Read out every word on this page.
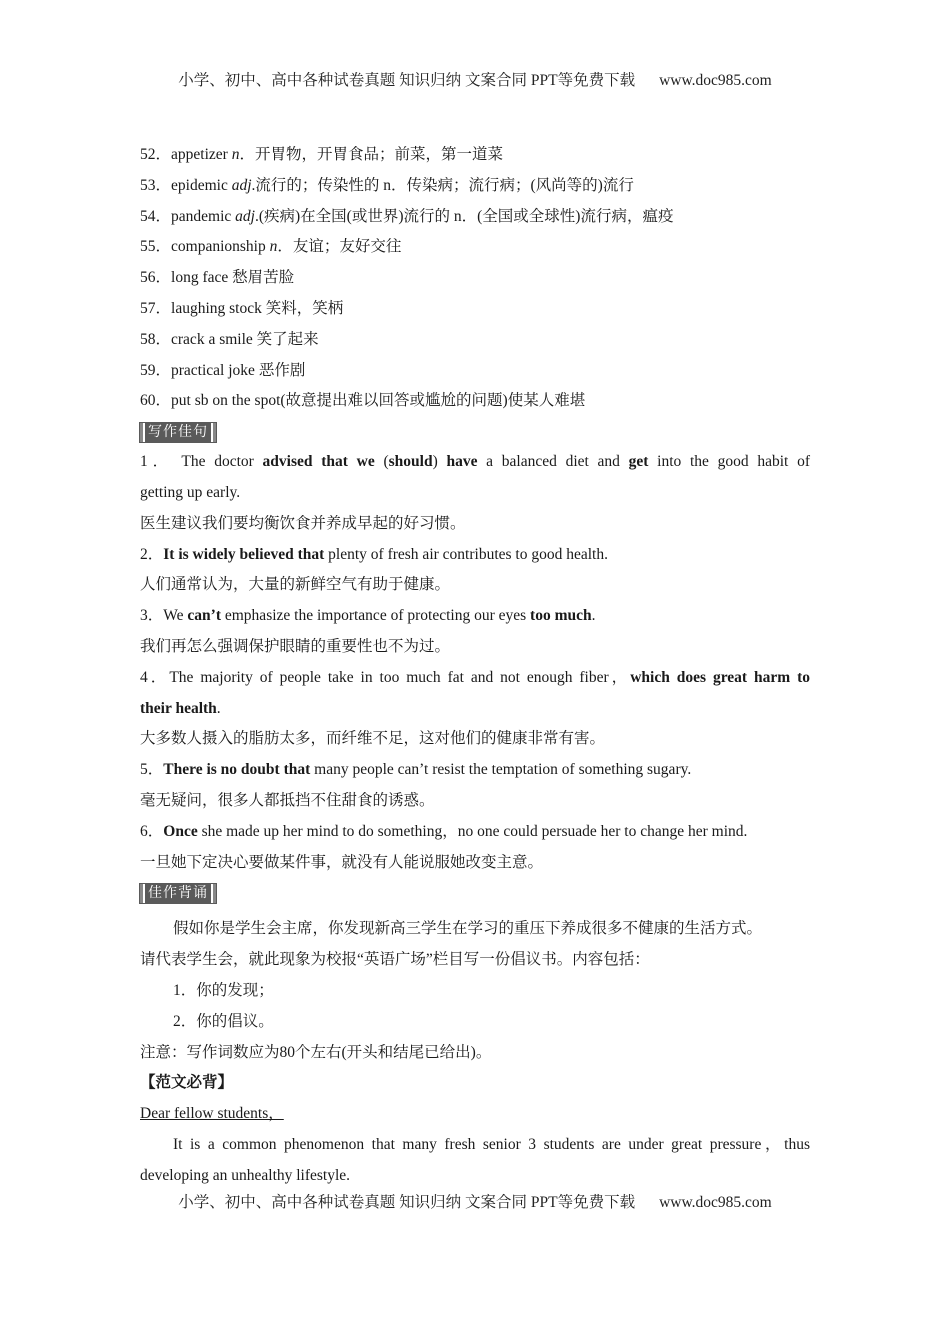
小学、初中、高中各种试卷真题 知识归纳 文案合同 PPT等免费下载 www.doc985.com
52．appetizer n．开胃物，开胃食品；前菜，第一道菜
53．epidemic adj.流行的；传染性的 n．传染病；流行病；(风尚等的)流行
54．pandemic adj.(疾病)在全国(或世界)流行的 n．(全国或全球性)流行病，瘟疫
55．companionship n．友谊；友好交往
56．long face 愁眉苦脸
57．laughing stock 笑料，笑柄
58．crack a smile 笑了起来
59．practical joke 恶作剧
60．put sb on the spot(故意提出难以回答或尴尬的问题)使某人难堪
写作佳句
1． The doctor advised that we (should) have a balanced diet and get into the good habit of
getting up early.
医生建议我们要均衡饮食并养成早起的好习惯。
2．It is widely believed that plenty of fresh air contributes to good health.
人们通常认为，大量的新鲜空气有助于健康。
3．We can’t emphasize the importance of protecting our eyes too much.
我们再怎么强调保护眼睛的重要性也不为过。
4．The majority of people take in too much fat and not enough fiber，which does great harm to
their health.
大多数人摄入的脂肪太多，而纤维不足，这对他们的健康非常有害。
5．There is no doubt that many people can’t resist the temptation of something sugary.
毫无疑问，很多人都抵挡不住甜食的诱惑。
6．Once she made up her mind to do something，no one could persuade her to change her mind.
一旦她下定决心要做某件事，就没有人能说服她改变主意。
佳作背诵
假如你是学生会主席，你发现新高三学生在学习的重压下养成很多不健康的生活方式。
请代表学生会，就此现象为校报“英语广场”栏目写一份倡议书。内容包括：
1．你的发现；
2．你的倡议。
注意：写作词数应为80个左右(开头和结尾已给出)。
【范文必背】
Dear fellow students，
It is a common phenomenon that many fresh senior 3 students are under great pressure，thus
developing an unhealthy lifestyle.
小学、初中、高中各种试卷真题 知识归纳 文案合同 PPT等免费下载 www.doc985.com
